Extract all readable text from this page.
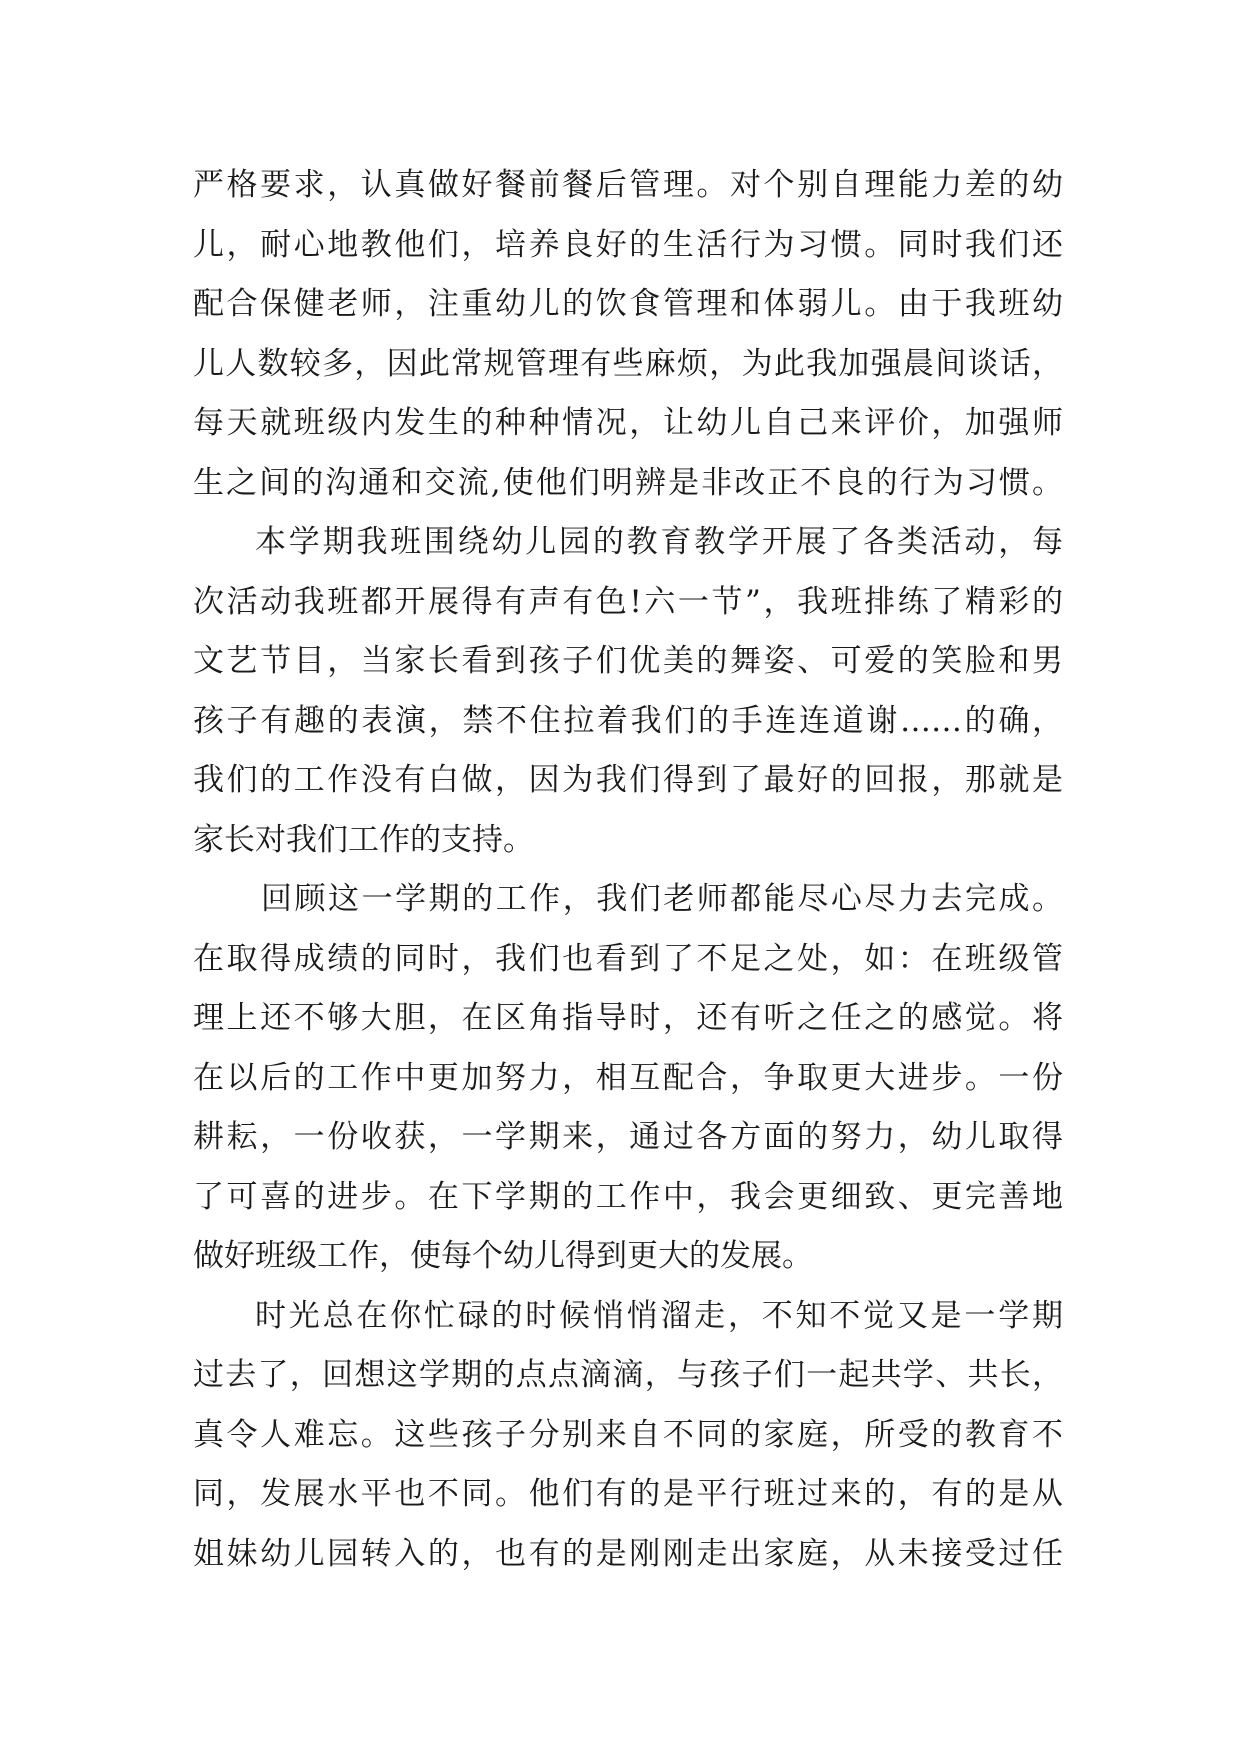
严格要求，认真做好餐前餐后管理。对个别自理能力差的幼
儿，耐心地教他们，培养良好的生活行为习惯。同时我们还
配合保健老师，注重幼儿的饮食管理和体弱儿。由于我班幼
儿人数较多，因此常规管理有些麻烦，为此我加强晨间谈话，
每天就班级内发生的种种情况，让幼儿自己来评价，加强师
生之间的沟通和交流,使他们明辨是非改正不良的行为习惯。
本学期我班围绕幼儿园的教育教学开展了各类活动，每
次活动我班都开展得有声有色!六一节”，我班排练了精彩的
文艺节目，当家长看到孩子们优美的舞姿、可爱的笑脸和男
孩子有趣的表演，禁不住拉着我们的手连连道谢……的确，
我们的工作没有白做，因为我们得到了最好的回报，那就是
家长对我们工作的支持。
回顾这一学期的工作，我们老师都能尽心尽力去完成。
在取得成绩的同时，我们也看到了不足之处，如：在班级管
理上还不够大胆，在区角指导时，还有听之任之的感觉。将
在以后的工作中更加努力，相互配合，争取更大进步。一份
耕耘，一份收获，一学期来，通过各方面的努力，幼儿取得
了可喜的进步。在下学期的工作中，我会更细致、更完善地
做好班级工作，使每个幼儿得到更大的发展。
时光总在你忙碌的时候悄悄溜走，不知不觉又是一学期
过去了，回想这学期的点点滴滴，与孩子们一起共学、共长，
真令人难忘。这些孩子分别来自不同的家庭，所受的教育不
同，发展水平也不同。他们有的是平行班过来的，有的是从
姐妹幼儿园转入的，也有的是刚刚走出家庭，从未接受过任
